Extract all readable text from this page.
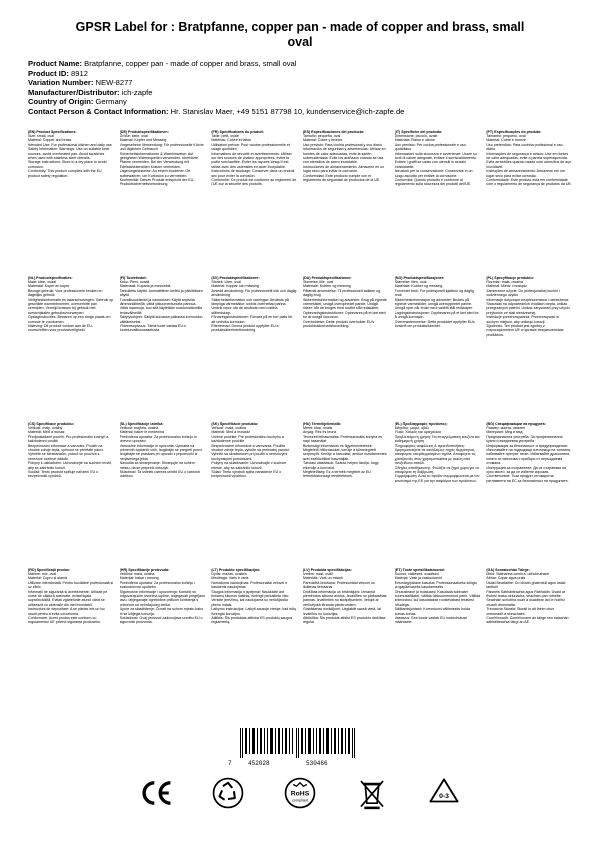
GPSR Label for : Bratpfanne, copper pan - made of copper and brass, small oval
Product Name: Bratpfanne, copper pan - made of copper and brass, small oval
Product ID: 8912
Variation Number: NEW-8277
Manufacturer/Distributor: ich-zapfe
Country of Origin: Germany
Contact Person & Contact Information: Hr. Stanislav Maer, +49 5151 87798 10, kundenservice@ich-zapfe.de
(EN) Product Specifications:
Size: small, oval
Material: Copper and brass
Intended Use: For professional kitchen and daily use
Safety Information: Warnings: Use on suitable heat sources, avoid overheated pan. Avoid scratches when used with stainless steel utensils.
Storage Instructions: Store in a dry place to avoid corrosion.
Conformity: This product complies with the EU product safety regulation.
(DE) Produktspezifikationen:
Größe: klein, oval
Material: Kupfer und Messing
Vorgesehene Verwendung: Für professionelle Küche und täglichen Gebrauch
Sicherheitsinformationen & Warnhinweise: Auf geeigneten Wärmequellen verwenden, überhitzte Pfanne vermeiden. Bei der Verwendung mit Edelstahlutensilien Kratzer vermeiden.
Lagerungshinweise: An einem trockenen Ort aufbewahren, um Korrosion zu vermeiden.
Konformität: Dieses Produkt entspricht der EU-Produktsicherheitsverordnung.
(FR) Spécifications du produit:
Taille: petit, ovale
Matériau: Cuivre et laiton
Utilisation prévue: Pour cuisine professionnelle et usage quotidien
Informations de sécurité et avertissements: Utiliser sur des sources de chaleur appropriées, éviter la poêle surchauffée. Éviter les rayures lorsqu'il est utilisé avec des ustensiles en acier inoxydable.
Instructions de stockage: Conserver dans un endroit sec pour éviter la corrosion.
Conformité: Ce produit est conforme au règlement de l'UE sur la sécurité des produits.
(ES) Especificaciones del producto:
Tamaño: pequeña, oval
Material: Cobre y bronce
Uso previsto: Para cocina profesional y uso diario
Información de seguridad y advertencias: Utilizar en fuentes de calor adecuadas, evite la sartén sobrecalentada. Evite los arañazos cuando se usa con utensilios de acero inoxidable.
Instrucciones de almacenamiento: Almacene en un lugar seco para evitar la corrosión.
Conformidad: Este producto cumple con el reglamento de seguridad de productos de la UE.
(IT) Specifiche del prodotto:
Dimensione: piccolo, ovale
Materiale: Rame e ottone
Uso previsto: Per cucina professionale e uso quotidiano
Informazioni sulla sicurezza e avvertenze: Usare su fonti di calore adeguate, evitare il surriscaldamento. Evitare i graffi se usato con utensili in acciaio inossidabile.
Istruzioni per la conservazione: Conservare in un luogo asciutto per evitare la corrosione.
Conformità: Questo prodotto è conforme al regolamento sulla sicurezza dei prodotti dell'UE.
(PT) Especificações do produto:
Tamanho: pequeno, oval
Material: Cobre e bronze
Uso pretendido: Para cozinha profissional e uso diário
Informações de segurança e avisos: Use em fontes de calor adequadas, evite a panela superaquecida. Evite arranhões quando usado com utensílios de aço inoxidável.
Instruções de armazenamento: Armazene em um lugar seco para evitar corrosão.
Conformidade: Este produto está em conformidade com o regulamento de segurança de produtos da UE.
(NL) Productspecificaties:
Maat: klein, ovaal
Materiaal: Koper en koper
Beoogd gebruik: Voor professionele keuken en dagelijks gebruik
Veiligheidsinformatie en waarschuwingen: Gebruik op geschikte warmtebronnen, oververhitte pan vermijden. Vermijd krassen bij gebruik met roestvrijstalen gebruiksvoorwerpen.
Opslaginstructies: Bewaren op een droge plaats om corrosie te voorkomen.
Naleving: Dit product voldoet aan de EU-voorschriften voor productveiligheid.
(FI) Tuotetiedot:
Koko: Pieni, ovaali
Materiaali: Kuparia ja messinkiä
Tarkoitettu käyttö: Ammattilinen keittiö ja päivittäinen käyttö
Turvallisuustiedot ja varoitukset: Käytä sopivilla lämmönlähteillä, vältä ylikuumentunutta pannua. Vältä naarmuja, kun sitä käytetään ruostumattomilla teräsvälineillä.
Säilytysohjeet: Säilytä kuivassa paikassa korroosion välttämiseksi.
Yhteensopivuus: Tämä tuote vastaa EU:n tuoteturvallisuusasetusta.
(SV) Produktspecifikationer:
Storlek: Liten, oval
Material: Koppar och mässing
Avsedd användning: För professionellt kök och daglig användning
Säkerhetsinformation och varningar: Används på lämpliga värmekällor, undvik överhettad panna. Undvik repor när de används med rostfria stålredskap.
Förvaringsinstruktioner: Förvara på en torr plats för att undvika korrosion.
Efterlevnad: Denna produkt uppfyller EU:s produktsäkerhetsförordning.
(DA) Produktspecifikationer:
Størrelse: lille, oval
Materiale: Kobber og messing
Påtænkt anvendelse: Til professionelt køkken og daglig brug
Sikkerhedsinformation og advarsler: Brug på egnede varmekilder, undgå overophedet pande. Undgå ridser, når de bruges med rustfrit stål redskaber.
Opbevaringsinstruktioner: Opbevares på et tørt sted for at undgå korrosion.
Overholdelse: Dette produkt overholder EU's produktsikkerhedsforordning.
(NO) Produktspesifikasjoner:
Størrelse: liten, oval
Materiale: Kobber og messing
Forventet bruk: For profesjonelt kjøkken og daglig bruk
Sikkerhetsinformasjon og advarsler: Brukes på egnede varmekilder, unngå overopphetet panne. Unngå riper når brukt med rustfritt stål redskaper.
Lagringsinstruksjoner: Oppbevares på et tørt sted for å unngå korrosjon.
Overensstemmelse: Dette produktet oppfyller EUs forskrift om produktsikkerhet.
(PL) Specyfikacje produktu:
Rozmiar: mała, owalna
Materiał: Miedź i mosiądz
Zamierzone użycie: Do profesjonalnej kuchni i codziennego użytku
Informacje dotyczące bezpieczeństwa i ostrzeżenia: Stosować na odpowiednich źródłach ciepła, unikać przegrzanych patelni. Unikać zarysowań przy użyciu przyborów ze stali nierdzewnej.
Instrukcje przechowywania: Przechowywać w suchym miejscu, aby uniknąć korozji.
Zgodność: Ten produkt jest zgodny z rozporządzeniem UE w sprawie bezpieczeństwa produktów.
(CS) Specifikace produktu:
Velikost: malý, oválný
Materiál: Měď a mosaz
Předpokládané použití: Pro profesionální kuchyň a každodenní použití
Bezpečnostní informace a varování: Použití na vhodné zdroje tepla, vyhnout se přehřáté pánvi. Vyhněte se škrábancům, pokud se používá s nerezové ocelové nádobí.
Pokyny k uskladnění: Uchovávejte na suchém místě, aby se zabránilo korozi.
Soulad: Tento produkt splňuje nařízení EU o bezpečnosti výrobků.
(SL) Specifikacije izdelka:
Velikost: majhna, ovalna
Material: baker in medenina
Predvidena uporaba: Za profesionalno kuhinjo in dnevno uporabo
Varnostne informacije in opozorila: Uporaba na primernih toplotnih virih, izogibajte se pregreti ponvi. Izogibajte se praskam pri uporabi z pripomočki iz nerjavečega jekla.
Navodila za shranjevanje: Shranjujte na suhem mestu, da se prepreči korozija.
Skladnost: Ta izdelek ustreza uredbi EU o varnosti izdelkov.
(SK) Špecifikácie produktu:
Veľkosť: malá, oválna
Materiál: Meď a mosadz
Určené použitie: Pre profesionálnu kuchyňu a každodenné použitie
Bezpečnostné informácie a varovania: Použite vhodné zdroje tepla, vyhnite sa prehriatej panvici. Vyhnite sa škrabancom pri použití s nerezovými kuchynskými pomôckami.
Pokyny na skladovanie: Uchovávajte v suchom mieste, aby sa zabránilo korózii.
Súlad: Tento výrobok spĺňa nariadenie EÚ o bezpečnosti výrobkov.
(HU) Termékjellemzők:
Méret: kicsi, ovális
Anyag: Réz és bronz
Tervezett felhasználás: Professzionális konyha és napi használat
Biztonsági információk és figyelmeztetések: Megfelelő hőforrásokat, kerülje a túlmelegített serpenyőt. Kerülje a karcolást, amikor rozsdamentes acél eszközökkel használják.
Tárolási utasítások: Száraz helyen tárolja, hogy elkerülje a korróziót.
Megfelelőség: Ez a termék megfelel az EU termékbiztonsági rendeletének.
(EL) Προδιαγραφές προϊόντος:
Μέγεθος: μικρό, οβάλ
Υλικό: Χαλκός και ορείχαλκος
Προβλεπόμενη χρήση: Για επαγγελματική κουζίνα και καθημερινή χρήση
Πληροφορίες ασφάλειας & προειδοποιήσεις: Χρησιμοποιήστε σε κατάλληλες πηγές θερμότητας, αποφύγετε υπερθερμασμένο τηγάνι. Αποφύγετε τις γρατζουνιές όταν χρησιμοποιείται με σκεύη από ανοξείδωτο ατσάλι.
Οδηγίες αποθήκευσης: Φυλάξτε σε ξηρό χώρο για να αποφύγετε τη διάβρωση.
Συμμόρφωση: Αυτό το προϊόν συμμορφώνεται με τον κανονισμό της ΕΕ για την ασφάλεια των προϊόντων.
(BG) Спецификации на продукта:
Размер: малък, овален
Материал: Мед и мед
Предназначена употреба: За професионална кухня и ежедневна употреба
Информация за безопасност и предупреждения: Използвайте на подходящи източници на топлина, избягвайте прегрят тиган. Избягвайте драскотини, когато се използва с прибори от неръждаема стомана.
Инструкции за съхранение: Да се съхранява на сухо място, за да се избегне корозия.
Съответствие: Този продукт отговаря на регламента на ЕС за безопасност на продуктите.
(RO) Specificații produs:
Mărime: mic, oval
Material: Cupru și alamă
Utilizare intenționată: Pentru bucătărie profesională și uz zilnic
Informații de siguranță și avertismente: Utilizați pe surse de căldură adecvate, evitați tigaia supraîncălzită. Evitați zgârieturile atunci când se utilizează cu ustensile din oțel inoxidabil.
Instrucțiuni de depozitare: A se păstra într-un loc uscat pentru a evita coroziunea.
Conformare: Acest produs este conform cu regulamentul UE privind siguranța produselor.
(HR) Specifikacije proizvoda:
Veličina: mala, ovalna
Materijal: bakar i mesing
Predviđena uporaba: Za profesionalnu kuhinju i svakodnevnu upotrebu
Sigurnosne informacije i upozorenja: Koristiti na odgovarajućim izvorima topline, izbjegavati pregrijanu tavu. Izbjegavajte ogrebotine prilikom korištenja s priborom od nehrđajućeg čelika.
Upute za skladištenje: Čuvati na suhom mjestu kako bi se izbjegla korozija.
Sukladnost: Ovaj proizvod zadovoljava uredbu EU o sigurnosti proizvoda.
(LT) Produkto specifikacijos:
Dydis: mažas, ovalinis
Medžiaga: Varis ir varis
Numatoma naudojimas: Profesionaliai virtuvei ir kasdienis naudojimas
Saugos informacija ir įspėjimai: Naudokite ant tinkamų šilumos šaltinių, išvengti perkaitinto viso. Venkite įbrėžimų, kai naudojama su nerūdijančio plieno indais.
Laikymo instrukcijos: Laikyti sausoje vietoje, kad būtų išvengta korozijos.
Atitiktis: Šis produktas atitinka ES produktų saugos reglamentą.
(LV) Produkta specifikācijas:
Izmērs: mazi, ovāli
Materiāls: Varš un misiņš
Paredzētā lietošana: Profesionālai virtuvei un ikdienas lietošanai
Drošības informācija un brīdinājumi: Izmantot piemērotos siltuma avotos, izvairīties no pārkarsētas pannas. Izvairieties no skrāpējumiem, lietojot ar nerūsējošā tērauda piederumiem.
Glabāšanas norādījumi: Uzglabāt sausā vietā, lai izvairītos no korozijas.
Atbilstība: Šis produkts atbilst ES produktu drošības regulai.
(ET) Toote spetsifikatsioonid:
Suurus: väikesed, ovaalsed
Materjal: Vask ja vasksulamid
Eesmärgipärane kasutus: Professionaalseks köögis ja igapäevaseks kasutamiseks
Ohutusteave ja hoiatused: Kasutada sobivatel kuumusallikatel, vältida ülekuumenenud pann. Vältida kriimustusi, kui kasutatakse roostevabast terasest nõudega.
Säilitamisjuhised: Korrosiooni vältimiseks hoida kuivas kohas.
Vastavus: See toode vastab ELi tooteohutuse määrusele.
(GA) Sonraíochtaí Táirge:
Méid: Státhanna cumhra, ubhchruthach
Abhar: Copar agus práis
Úsáid Beartaithe: Do chistin ghairmiúil agus úsáid laethúil
Faisnéis Sábháilteachta agus Rabhaidh: Úsáid ar fhoinsí teasa oiriúnacha, seachain pan róthéite. Seachain scríobha nuair a úsáidtear iad le huirlisí cruach dhosmálta.
Treoracha Stórála: Stóráil in áit thirim chun creimeadh a sheachaint.
Comhlíonadh: Comhlíonann an táirge seo rialachán sábháilteachta táirgí an AE.
7	452028	530466
RoHS
compliant
0-3
